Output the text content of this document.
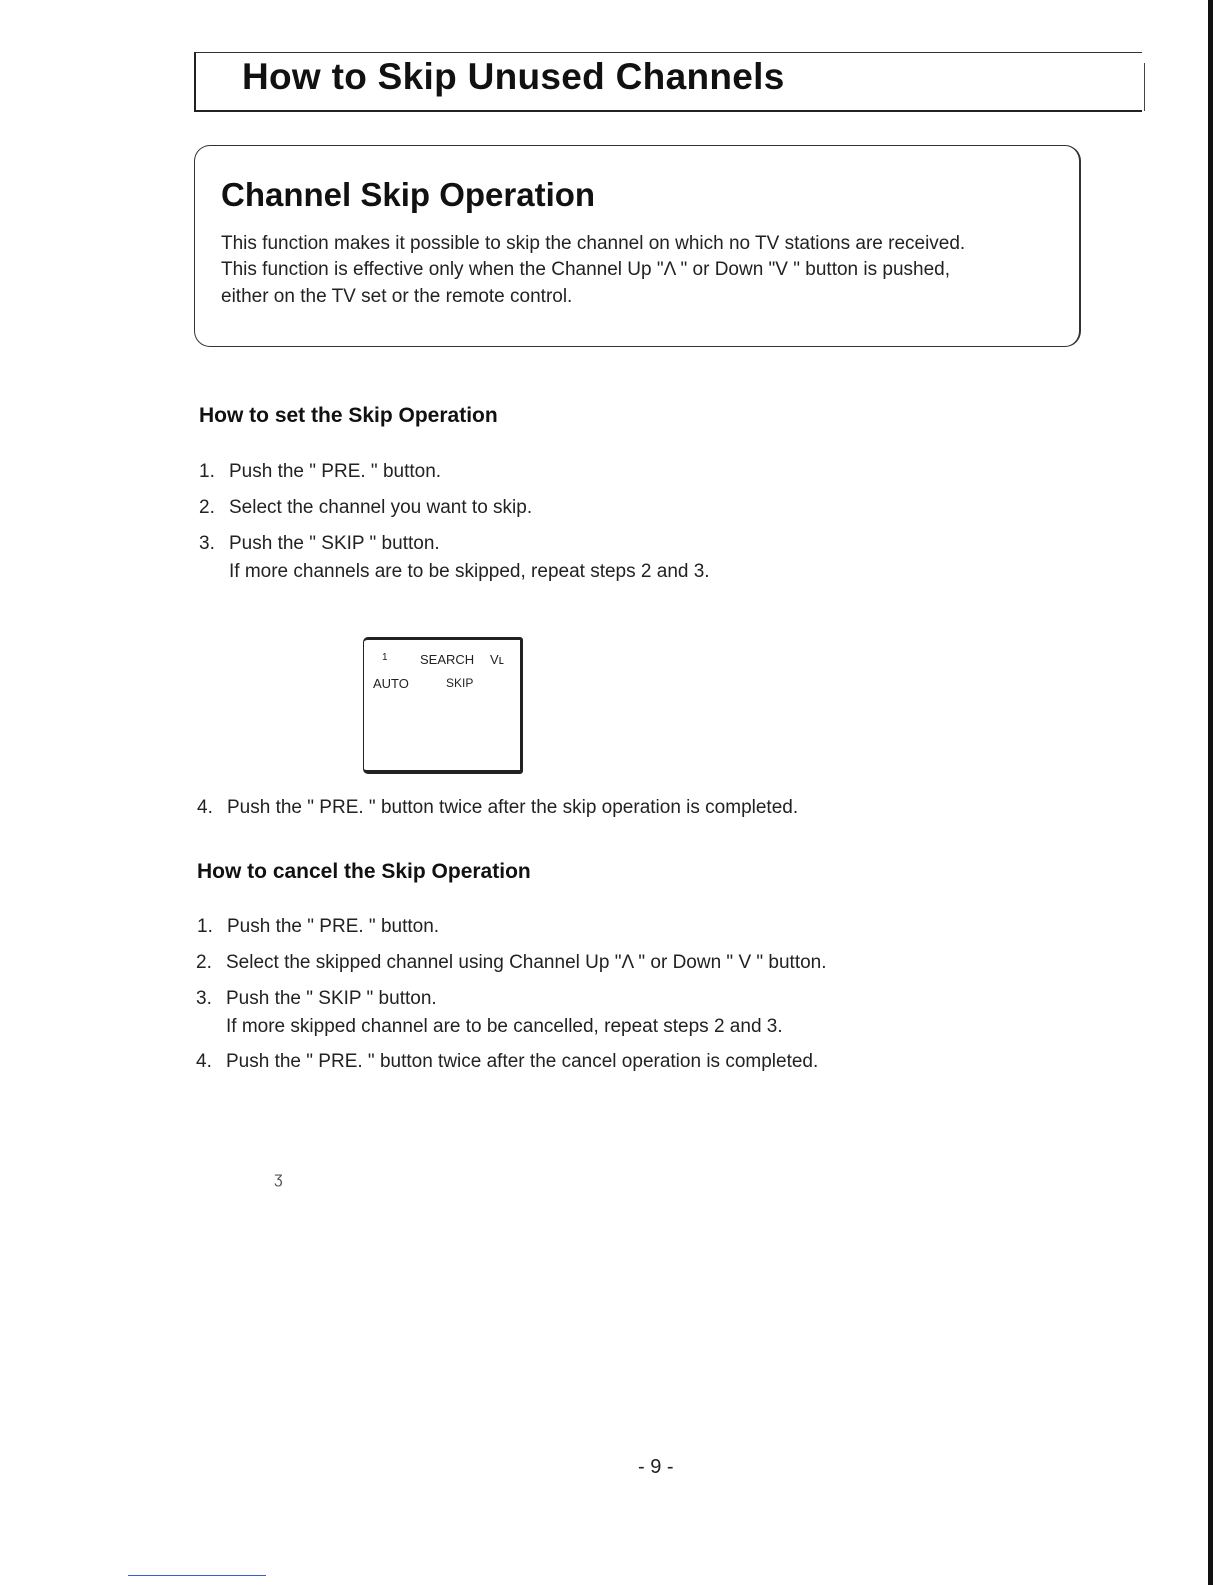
How to Skip Unused Channels
Channel Skip Operation

This function makes it possible to skip the channel on which no TV stations are received.

This function is effective only when the Channel Up "Λ " or Down "V " button is pushed,

either on the TV set or the remote control.

How to set the Skip Operation

1. Push the " PRE. " button.

2. Select the channel you want to skip.

3. Push the " SKIP " button.

If more channels are to be skipped, repeat steps 2 and 3.

1 SEARCH Vʟ
AUTO	SKIP

4. Push the " PRE. " button twice after the skip operation is completed.

How to cancel the Skip Operation

1. Push the " PRE. " button.

2. Select the skipped channel using Channel Up "Λ " or Down " V " button.

3. Push the " SKIP " button.

If more skipped channel are to be cancelled, repeat steps 2 and 3.

4. Push the " PRE. " button twice after the cancel operation is completed.

ʒ

- 9 -
